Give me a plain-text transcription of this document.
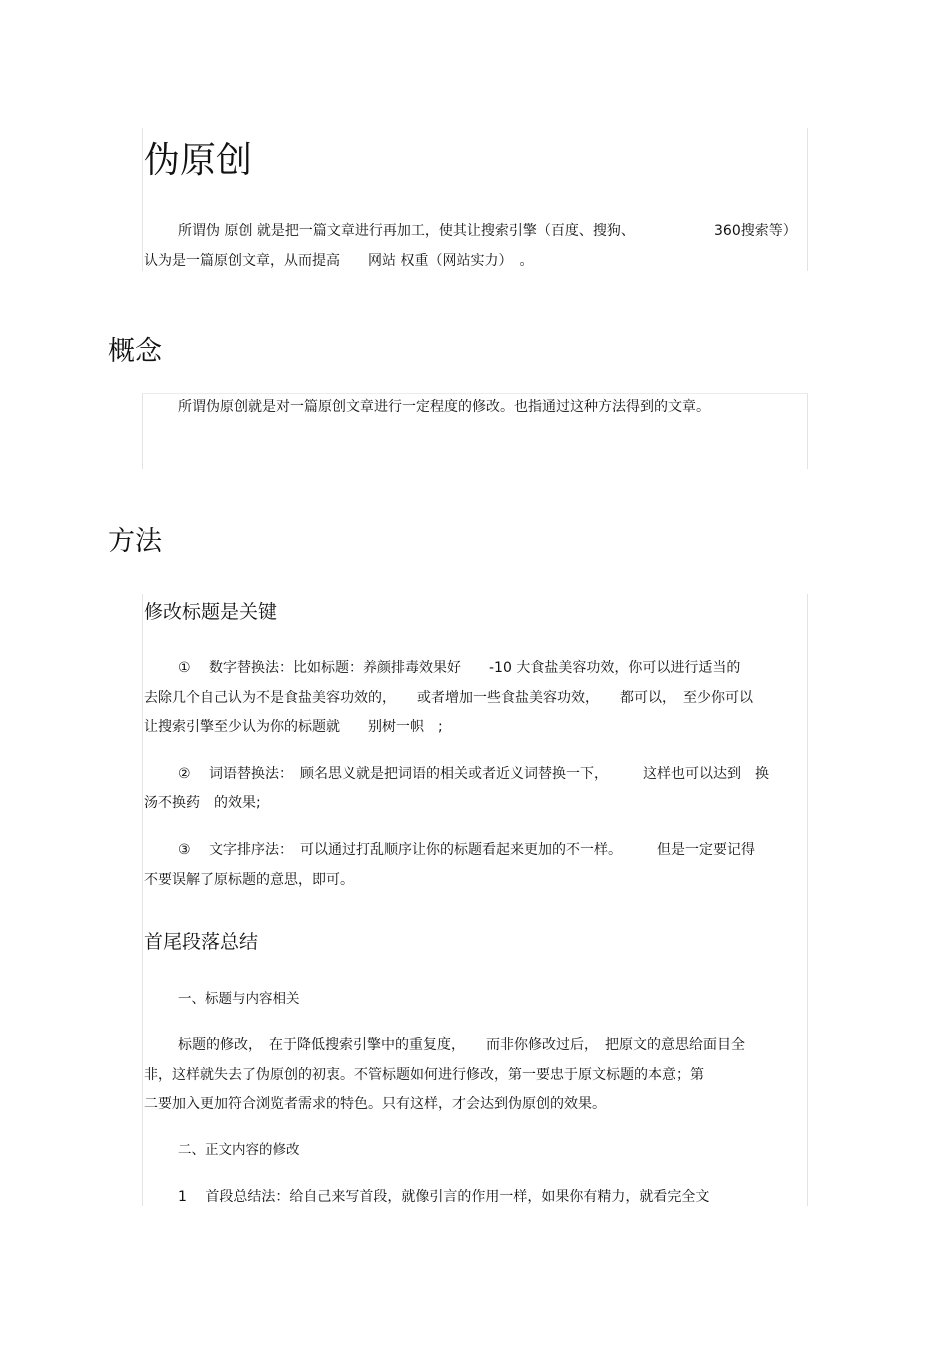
伪原创
所谓伪 原创 就是把一篇文章进行再加工，使其让搜索引擎（百度、搜狗、	360搜索等）
认为是一篇原创文章，从而提高　　网站 权重（网站实力）　。
概念
所谓伪原创就是对一篇原创文章进行一定程度的修改。也指通过这种方法得到的文章。
方法
修改标题是关键
①　 数字替换法：比如标题：养颜排毒效果好　　-10 大食盐美容功效，你可以进行适当的
去除几个自己认为不是食盐美容功效的，　　或者增加一些食盐美容功效，　　都可以，　至少你可以
让搜索引擎至少认为你的标题就　　别树一帜　;
②　 词语替换法：　顾名思义就是把词语的相关或者近义词替换一下，　　　这样也可以达到　换
汤不换药　的效果;
③　 文字排序法：　可以通过打乱顺序让你的标题看起来更加的不一样。　　　但是一定要记得
不要误解了原标题的意思，即可。
首尾段落总结
一、标题与内容相关
标题的修改，　在于降低搜索引擎中的重复度，　　而非你修改过后，　把原文的意思给面目全
非，这样就失去了伪原创的初衷。不管标题如何进行修改，第一要忠于原文标题的本意；第
二要加入更加符合浏览者需求的特色。只有这样，才会达到伪原创的效果。
二、正文内容的修改
1　 首段总结法：给自己来写首段，就像引言的作用一样，如果你有精力，就看完全文
